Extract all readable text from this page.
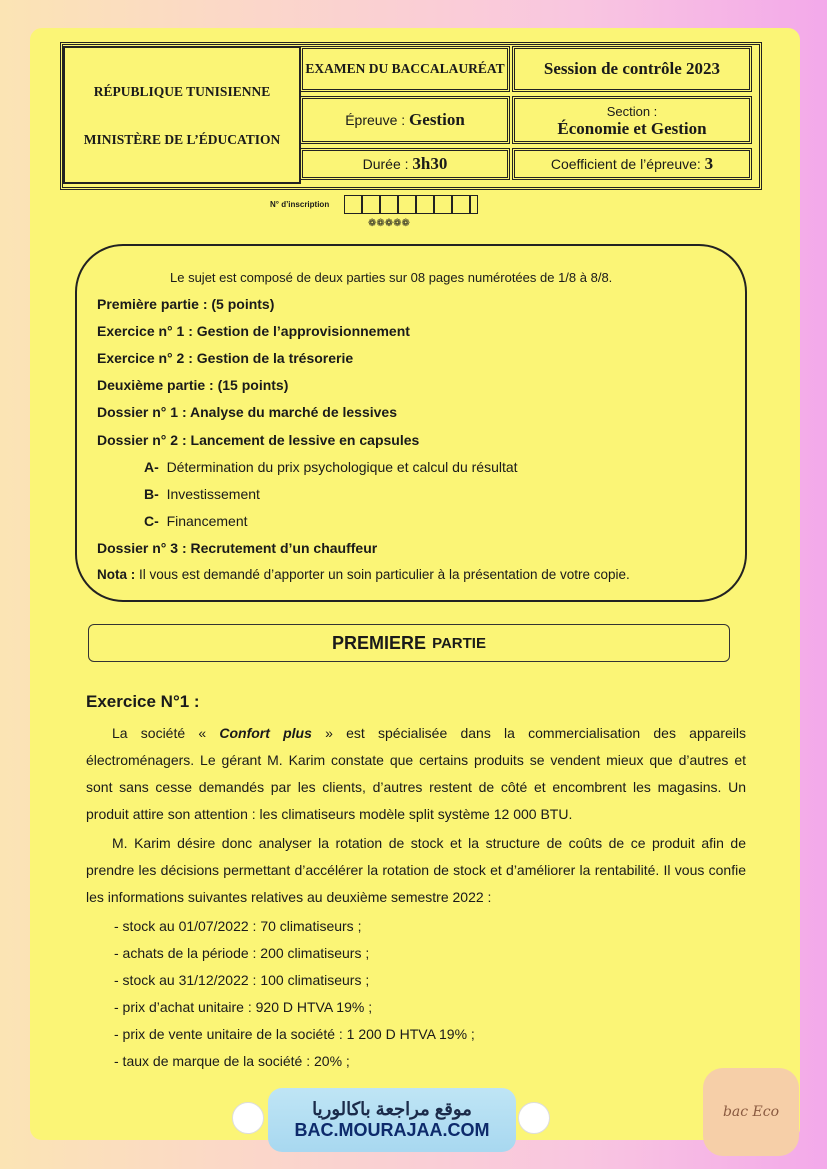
RÉPUBLIQUE TUNISIENNE
MINISTÈRE DE L’ÉDUCATION
EXAMEN DU BACCALAURÉAT Session de contrôle 2023
Épreuve :
Gestion	Section :
Économie et Gestion
Durée :
3h30	Coefficient de l’épreuve:
3
N° d’inscription
❁❁❁❁❁
Le sujet est composé de deux parties sur 08 pages numérotées de 1/8 à 8/8.
Première partie : (5 points)
Exercice n° 1 : Gestion de l’approvisionnement
Exercice n° 2 : Gestion de la trésorerie
Deuxième partie : (15 points)
Dossier n° 1 : Analyse du marché de lessives
Dossier n° 2 : Lancement de lessive en capsules
A- Détermination du prix psychologique et calcul du résultat
B- Investissement
C- Financement
Dossier n° 3 : Recrutement d’un chauffeur
Nota : Il vous est demandé d’apporter un soin particulier à la présentation de votre copie.
PREMIERE PARTIE
Exercice N°1 :
La société « Confort plus » est spécialisée dans la commercialisation des appareils électroménagers. Le gérant M. Karim constate que certains produits se vendent mieux que d’autres et sont sans cesse demandés par les clients, d’autres restent de côté et encombrent les magasins. Un produit attire son attention : les climatiseurs modèle split système 12 000 BTU.
M. Karim désire donc analyser la rotation de stock et la structure de coûts de ce produit afin de prendre les décisions permettant d’accélérer la rotation de stock et d’améliorer la rentabilité. Il vous confie les informations suivantes relatives au deuxième semestre 2022 :
- stock au 01/07/2022 : 70 climatiseurs ;
- achats de la période : 200 climatiseurs ;
- stock au 31/12/2022 : 100 climatiseurs ;
- prix d’achat unitaire : 920 D HTVA 19% ;
- prix de vente unitaire de la société : 1 200 D HTVA 19% ;
- taux de marque de la société : 20% ;
موقع مراجعة باكالوريا
BAC.MOURAJAA.COM
bac Eco
